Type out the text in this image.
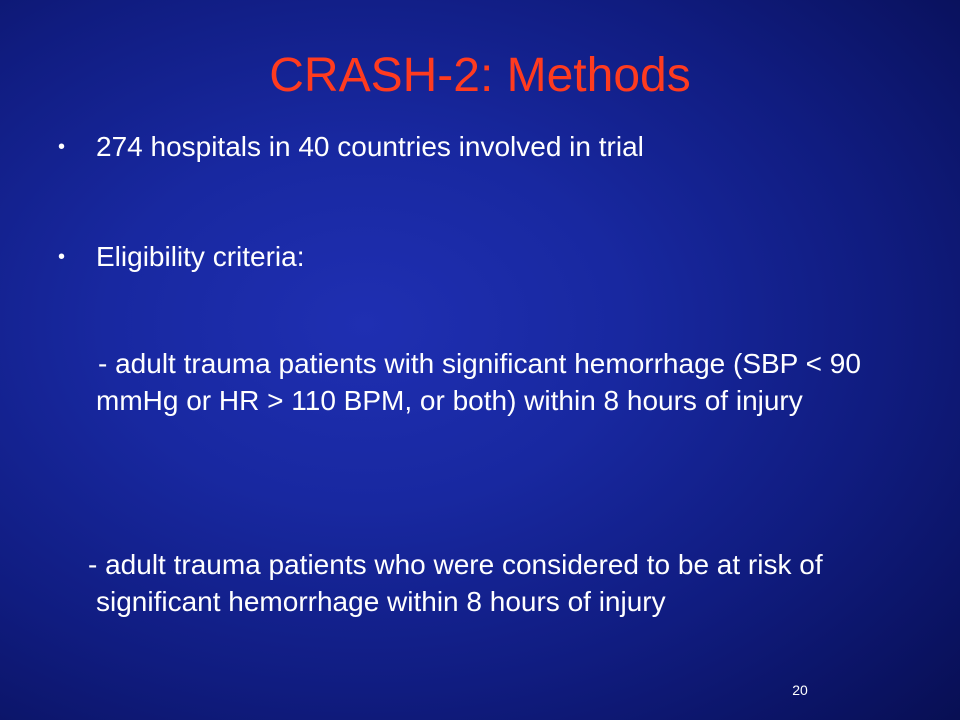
CRASH-2: Methods
•	274 hospitals in 40 countries involved in trial
•	Eligibility criteria:

- adult trauma patients with significant hemorrhage (SBP < 90 mmHg or HR > 110 BPM, or both) within 8 hours of injury

- adult trauma patients who were considered to be at risk of significant hemorrhage within 8 hours of injury

20
